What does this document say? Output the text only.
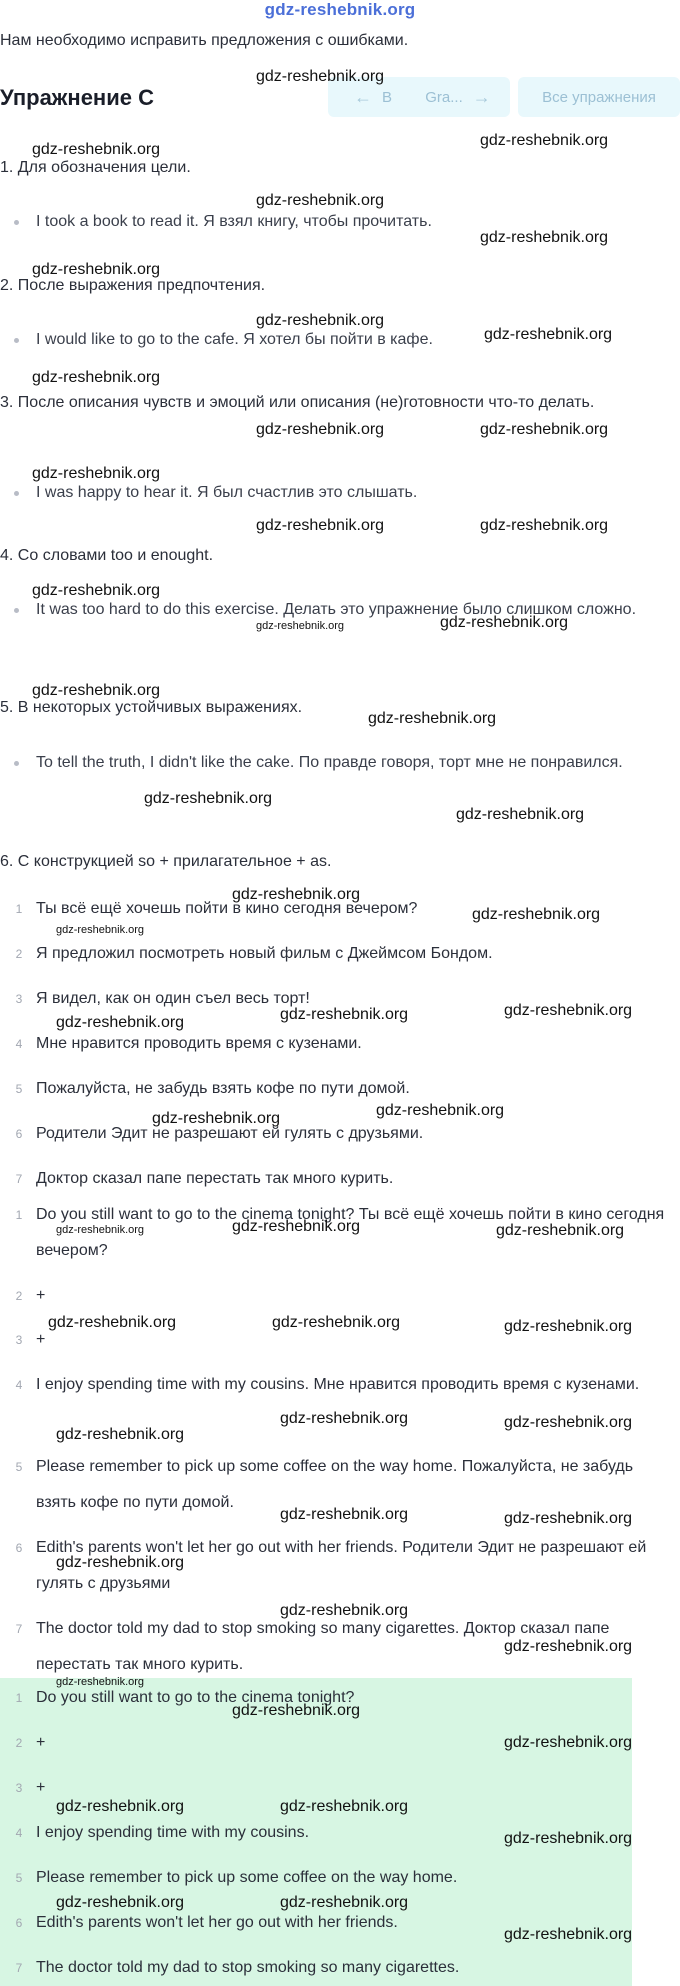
gdz-reshebnik.org
Нам необходимо исправить предложения с ошибками.
Упражнение C	← B Gra... →	Все упражнения
1. Для обозначения цели.
I took a book to read it. Я взял книгу, чтобы прочитать.
2. После выражения предпочтения.
I would like to go to the cafe. Я хотел бы пойти в кафе.
3. После описания чувств и эмоций или описания (не)готовности что-то делать.
I was happy to hear it. Я был счастлив это слышать.
4. Со словами too и enought.
It was too hard to do this exercise. Делать это упражнение было слишком сложно.
5. В некоторых устойчивых выражениях.
To tell the truth, I didn't like the cake. По правде говоря, торт мне не понравился.
6. С конструкцией so + прилагательное + as.
1 Ты всё ещё хочешь пойти в кино сегодня вечером?
2 Я предложил посмотреть новый фильм с Джеймсом Бондом.
3 Я видел, как он один съел весь торт!
4 Мне нравится проводить время с кузенами.
5 Пожалуйста, не забудь взять кофе по пути домой.
6 Родители Эдит не разрешают ей гулять с друзьями.
7 Доктор сказал папе перестать так много курить.
1 Do you still want to go to the cinema tonight? Ты всё ещё хочешь пойти в кино сегодня вечером?
2 +
3 +
4 I enjoy spending time with my cousins. Мне нравится проводить время с кузенами.
5 Please remember to pick up some coffee on the way home. Пожалуйста, не забудь взять кофе по пути домой.
6 Edith's parents won't let her go out with her friends. Родители Эдит не разрешают ей гулять с друзьями
7 The doctor told my dad to stop smoking so many cigarettes. Доктор сказал папе перестать так много курить.
1 Do you still want to go to the cinema tonight?
2 +
3 +
4 I enjoy spending time with my cousins.
5 Please remember to pick up some coffee on the way home.
6 Edith's parents won't let her go out with her friends.
7 The doctor told my dad to stop smoking so many cigarettes.
gdz-reshebnik.org
gdz-reshebnik.org
gdz-reshebnik.org
gdz-reshebnik.org
gdz-reshebnik.org
gdz-reshebnik.org
gdz-reshebnik.org
gdz-reshebnik.org
gdz-reshebnik.org
gdz-reshebnik.org	gdz-reshebnik.org
gdz-reshebnik.org
gdz-reshebnik.org	gdz-reshebnik.org
gdz-reshebnik.org
gdz-reshebnik.org	gdz-reshebnik.org
gdz-reshebnik.org
gdz-reshebnik.org
gdz-reshebnik.org
gdz-reshebnik.org
gdz-reshebnik.org
gdz-reshebnik.org
gdz-reshebnik.org
gdz-reshebnik.org	gdz-reshebnik.org	gdz-reshebnik.org
gdz-reshebnik.org	gdz-reshebnik.org
gdz-reshebnik.org	gdz-reshebnik.org	gdz-reshebnik.org
gdz-reshebnik.org	gdz-reshebnik.org	gdz-reshebnik.org
gdz-reshebnik.org
gdz-reshebnik.org	gdz-reshebnik.org
gdz-reshebnik.org	gdz-reshebnik.org
gdz-reshebnik.org
gdz-reshebnik.org
gdz-reshebnik.org
gdz-reshebnik.org
gdz-reshebnik.org
gdz-reshebnik.org
gdz-reshebnik.org	gdz-reshebnik.org
gdz-reshebnik.org
gdz-reshebnik.org	gdz-reshebnik.org
gdz-reshebnik.org
